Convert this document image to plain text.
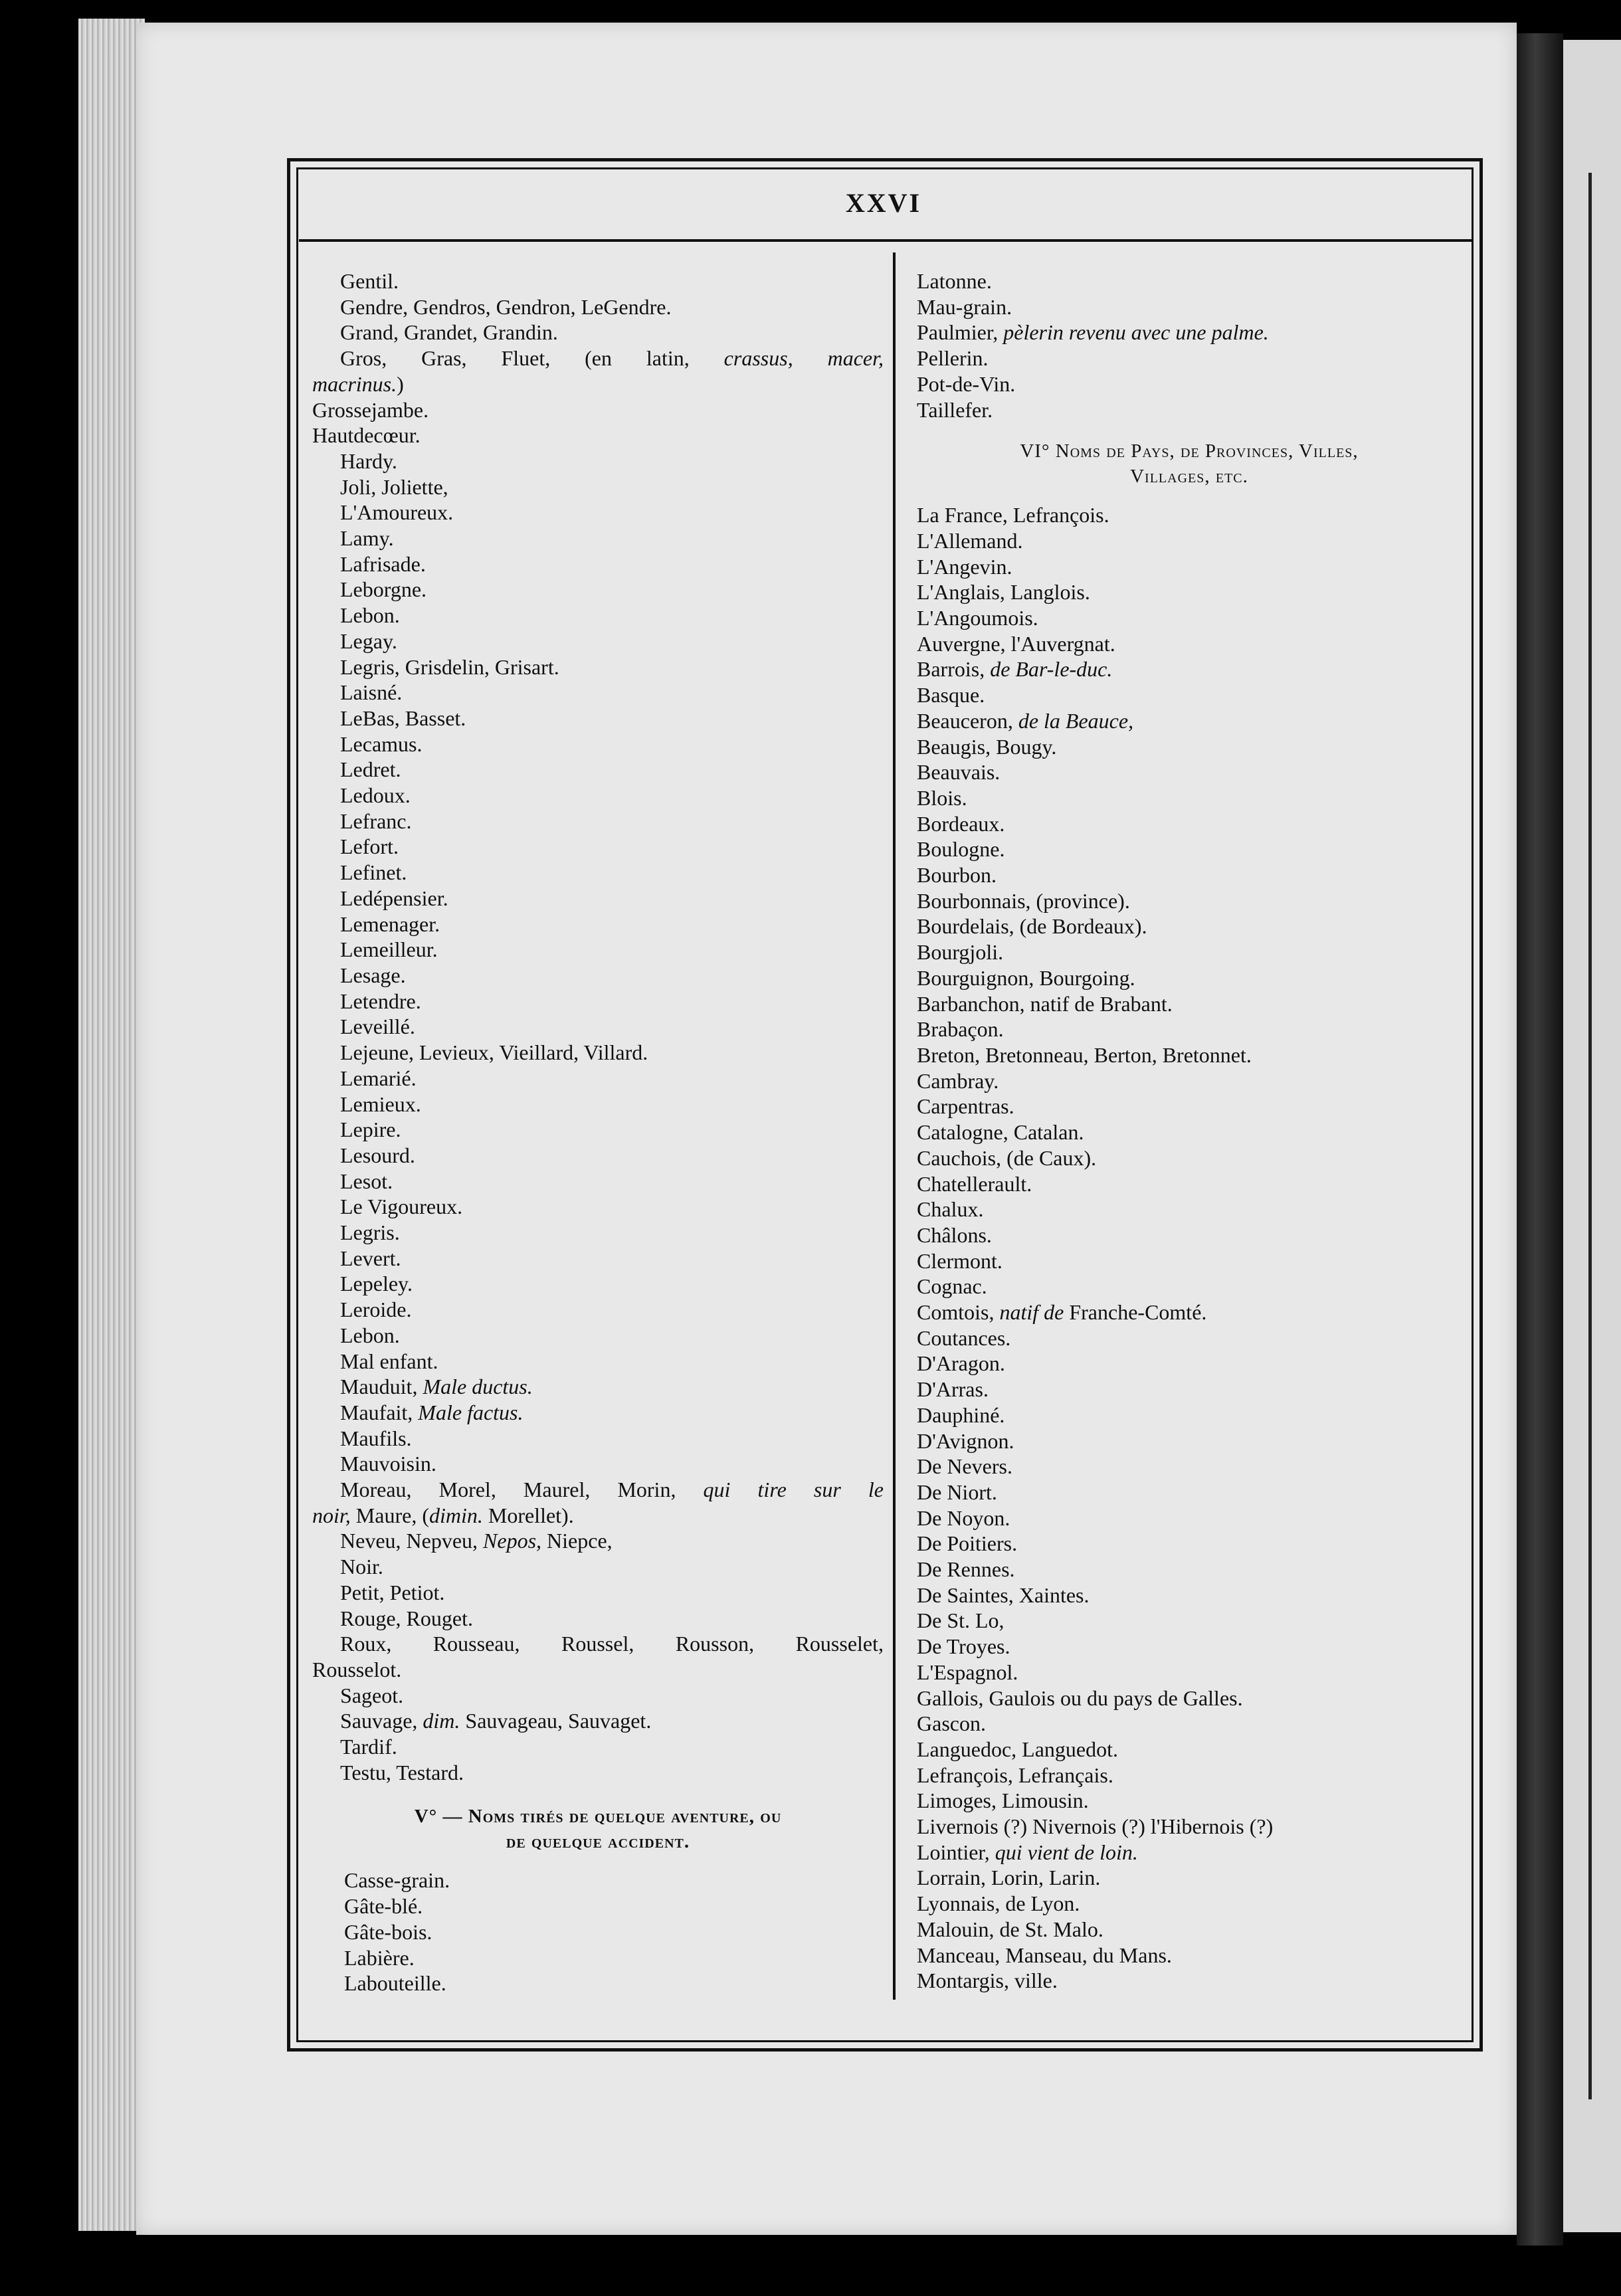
XXVI
Gentil.
Gendre, Gendros, Gendron, LeGendre.
Grand, Grandet, Grandin.
Gros, Gras, Fluet, (en latin, crassus, macer,
macrinus.)
Grossejambe.
Hautdecœur.
Hardy.
Joli, Joliette,
L'Amoureux.
Lamy.
Lafrisade.
Leborgne.
Lebon.
Legay.
Legris, Grisdelin, Grisart.
Laisné.
LeBas, Basset.
Lecamus.
Ledret.
Ledoux.
Lefranc.
Lefort.
Lefinet.
Ledépensier.
Lemenager.
Lemeilleur.
Lesage.
Letendre.
Leveillé.
Lejeune, Levieux, Vieillard, Villard.
Lemarié.
Lemieux.
Lepire.
Lesourd.
Lesot.
Le Vigoureux.
Legris.
Levert.
Lepeley.
Leroide.
Lebon.
Mal enfant.
Mauduit, Male ductus.
Maufait, Male factus.
Maufils.
Mauvoisin.
Moreau, Morel, Maurel, Morin, qui tire sur le
noir, Maure, (dimin. Morellet).
Neveu, Nepveu, Nepos, Niepce,
Noir.
Petit, Petiot.
Rouge, Rouget.
Roux, Rousseau, Roussel, Rousson, Rousselet,
Rousselot.
Sageot.
Sauvage, dim. Sauvageau, Sauvaget.
Tardif.
Testu, Testard.
V° — Noms tirés de quelque aventure, ou
de quelque accident.
Casse-grain.
Gâte-blé.
Gâte-bois.
Labière.
Labouteille.
Latonne.
Mau-grain.
Paulmier, pèlerin revenu avec une palme.
Pellerin.
Pot-de-Vin.
Taillefer.
VI° Noms de Pays, de Provinces, Villes,
Villages, etc.
La France, Lefrançois.
L'Allemand.
L'Angevin.
L'Anglais, Langlois.
L'Angoumois.
Auvergne, l'Auvergnat.
Barrois, de Bar-le-duc.
Basque.
Beauceron, de la Beauce,
Beaugis, Bougy.
Beauvais.
Blois.
Bordeaux.
Boulogne.
Bourbon.
Bourbonnais, (province).
Bourdelais, (de Bordeaux).
Bourgjoli.
Bourguignon, Bourgoing.
Barbanchon, natif de Brabant.
Brabaçon.
Breton, Bretonneau, Berton, Bretonnet.
Cambray.
Carpentras.
Catalogne, Catalan.
Cauchois, (de Caux).
Chatellerault.
Chalux.
Châlons.
Clermont.
Cognac.
Comtois, natif de Franche-Comté.
Coutances.
D'Aragon.
D'Arras.
Dauphiné.
D'Avignon.
De Nevers.
De Niort.
De Noyon.
De Poitiers.
De Rennes.
De Saintes, Xaintes.
De St. Lo,
De Troyes.
L'Espagnol.
Gallois, Gaulois ou du pays de Galles.
Gascon.
Languedoc, Languedot.
Lefrançois, Lefrançais.
Limoges, Limousin.
Livernois (?) Nivernois (?) l'Hibernois (?)
Lointier, qui vient de loin.
Lorrain, Lorin, Larin.
Lyonnais, de Lyon.
Malouin, de St. Malo.
Manceau, Manseau, du Mans.
Montargis, ville.
